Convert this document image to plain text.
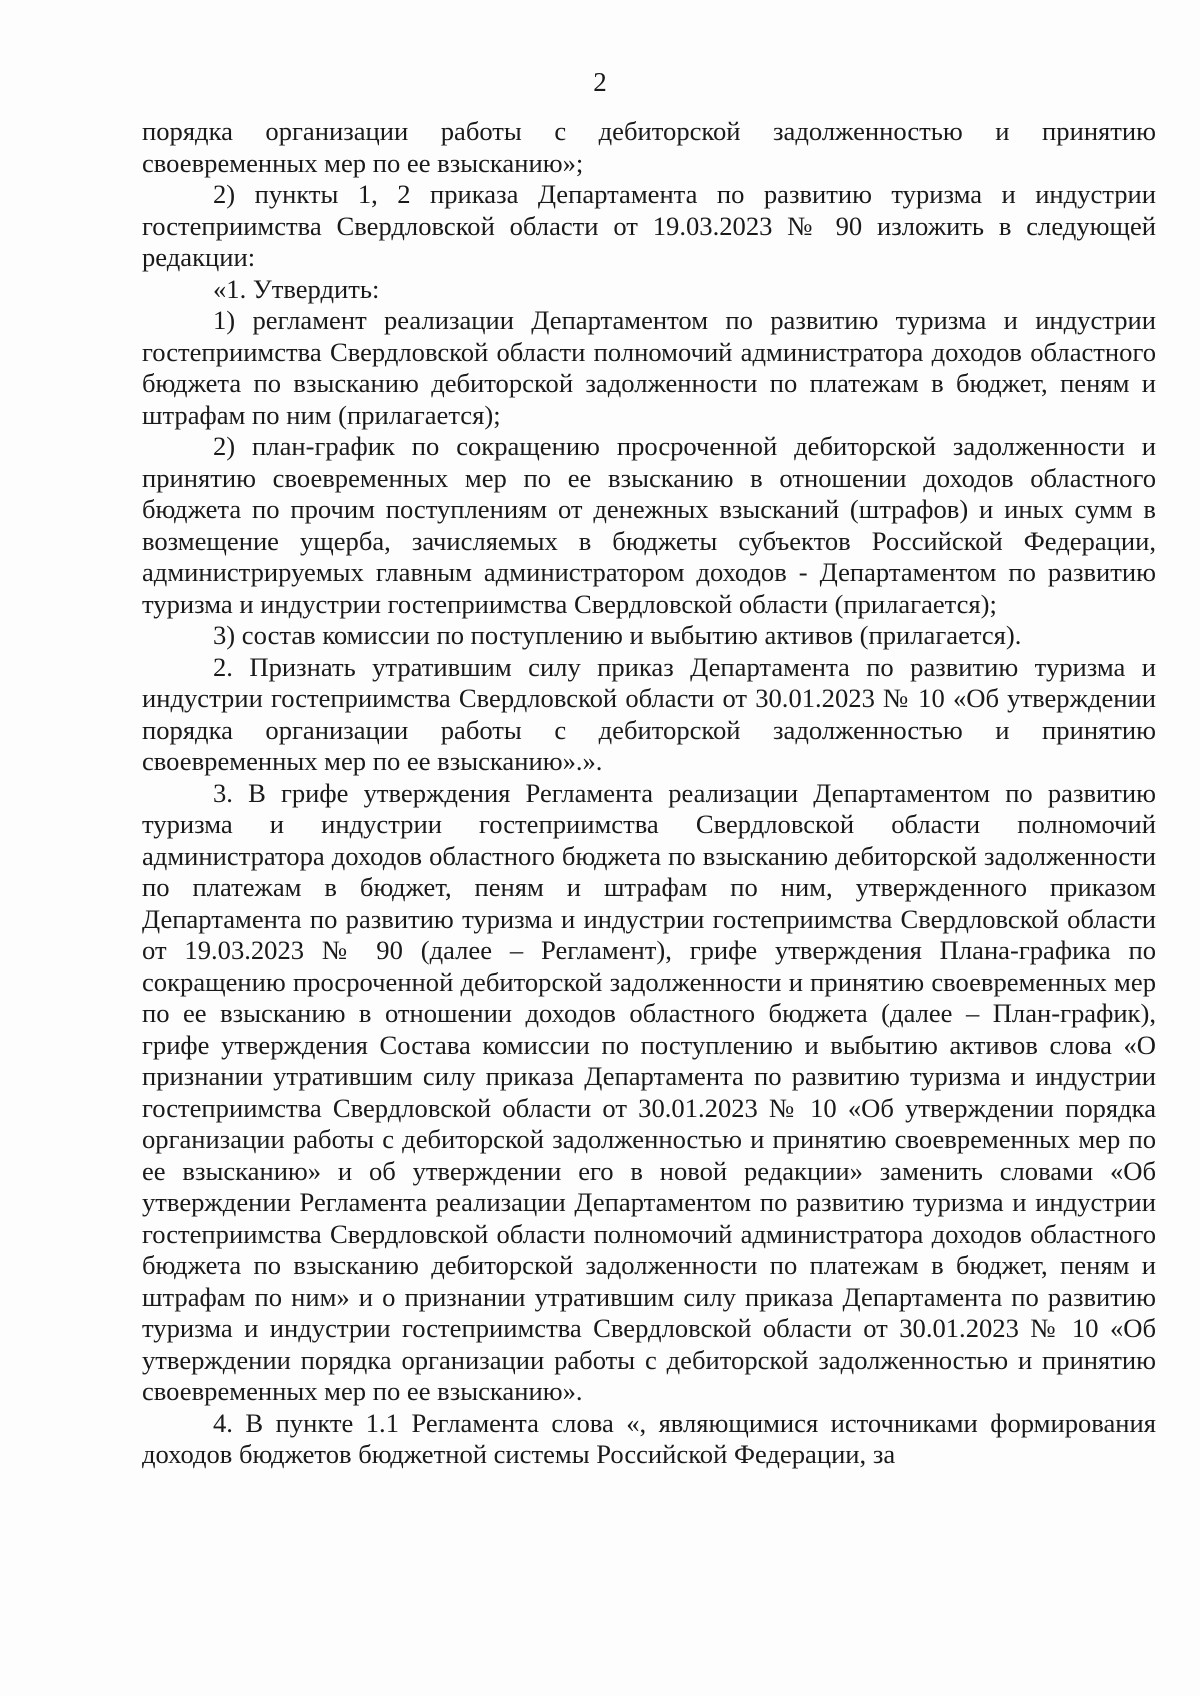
2

порядка организации работы с дебиторской задолженностью и принятию своевременных мер по ее взысканию»;

2) пункты 1, 2 приказа Департамента по развитию туризма и индустрии гостеприимства Свердловской области от 19.03.2023 № 90 изложить в следующей редакции:

«1. Утвердить:

1) регламент реализации Департаментом по развитию туризма и индустрии гостеприимства Свердловской области полномочий администратора доходов областного бюджета по взысканию дебиторской задолженности по платежам в бюджет, пеням и штрафам по ним (прилагается);

2) план-график по сокращению просроченной дебиторской задолженности и принятию своевременных мер по ее взысканию в отношении доходов областного бюджета по прочим поступлениям от денежных взысканий (штрафов) и иных сумм в возмещение ущерба, зачисляемых в бюджеты субъектов Российской Федерации, администрируемых главным администратором доходов - Департаментом по развитию туризма и индустрии гостеприимства Свердловской области (прилагается);

3) состав комиссии по поступлению и выбытию активов (прилагается).

2. Признать утратившим силу приказ Департамента по развитию туризма и индустрии гостеприимства Свердловской области от 30.01.2023 № 10 «Об утверждении порядка организации работы с дебиторской задолженностью и принятию своевременных мер по ее взысканию».».

3. В грифе утверждения Регламента реализации Департаментом по развитию туризма и индустрии гостеприимства Свердловской области полномочий администратора доходов областного бюджета по взысканию дебиторской задолженности по платежам в бюджет, пеням и штрафам по ним, утвержденного приказом Департамента по развитию туризма и индустрии гостеприимства Свердловской области от 19.03.2023 № 90 (далее – Регламент), грифе утверждения Плана-графика по сокращению просроченной дебиторской задолженности и принятию своевременных мер по ее взысканию в отношении доходов областного бюджета (далее – План-график), грифе утверждения Состава комиссии по поступлению и выбытию активов слова «О признании утратившим силу приказа Департамента по развитию туризма и индустрии гостеприимства Свердловской области от 30.01.2023 № 10 «Об утверждении порядка организации работы с дебиторской задолженностью и принятию своевременных мер по ее взысканию» и об утверждении его в новой редакции» заменить словами «Об утверждении Регламента реализации Департаментом по развитию туризма и индустрии гостеприимства Свердловской области полномочий администратора доходов областного бюджета по взысканию дебиторской задолженности по платежам в бюджет, пеням и штрафам по ним» и о признании утратившим силу приказа Департамента по развитию туризма и индустрии гостеприимства Свердловской области от 30.01.2023 № 10 «Об утверждении порядка организации работы с дебиторской задолженностью и принятию своевременных мер по ее взысканию».

4. В пункте 1.1 Регламента слова «, являющимися источниками формирования доходов бюджетов бюджетной системы Российской Федерации, за
